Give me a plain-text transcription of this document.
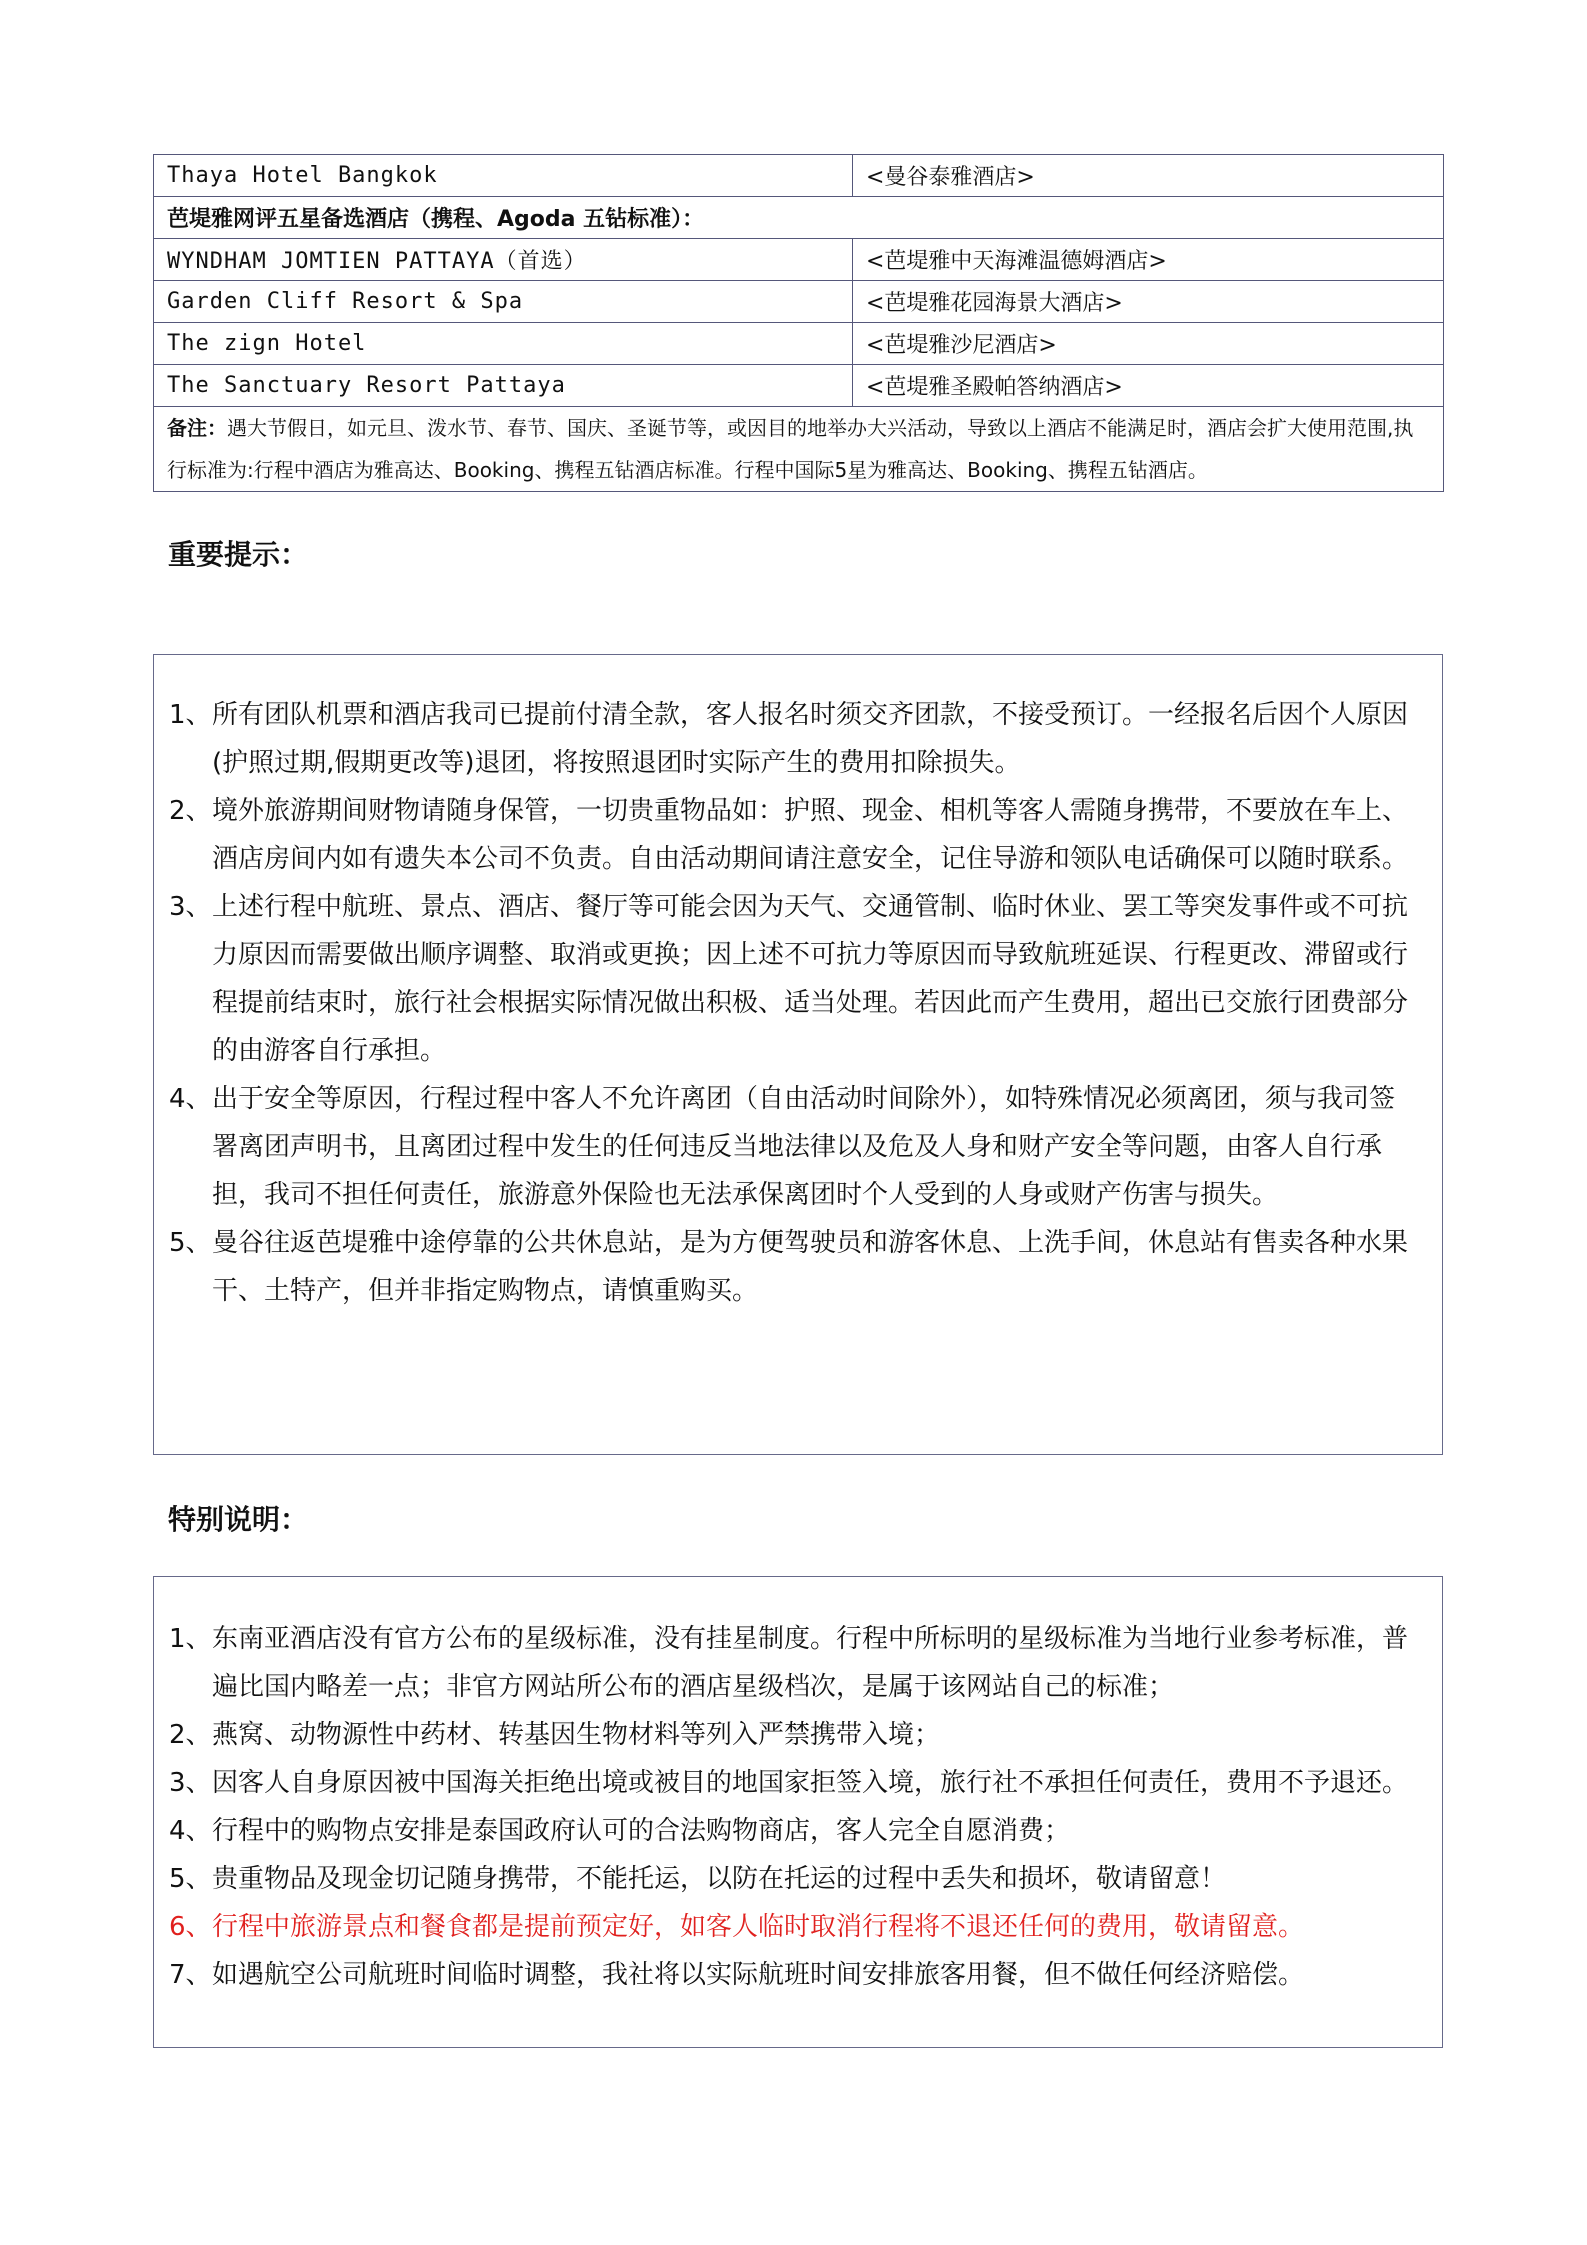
Thaya Hotel Bangkok	<曼谷泰雅酒店>
芭堤雅网评五星备选酒店（携程、Agoda 五钻标准）：	
WYNDHAM JOMTIEN PATTAYA（首选）	<芭堤雅中天海滩温德姆酒店>
Garden Cliff Resort & Spa	<芭堤雅花园海景大酒店>
The zign Hotel	<芭堤雅沙尼酒店>
The Sanctuary Resort Pattaya	<芭堤雅圣殿帕答纳酒店>
备注：遇大节假日，如元旦、泼水节、春节、国庆、圣诞节等，或因目的地举办大兴活动，导致以上酒店不能满足时，酒店会扩大使用范围,执行标准为:行程中酒店为雅高达、Booking、携程五钻酒店标准。行程中国际5星为雅高达、Booking、携程五钻酒店。	
重要提示：
1、 所有团队机票和酒店我司已提前付清全款，客人报名时须交齐团款，不接受预订。一经报名后因个人原因(护照过期,假期更改等)退团，将按照退团时实际产生的费用扣除损失。
2、 境外旅游期间财物请随身保管，一切贵重物品如：护照、现金、相机等客人需随身携带，不要放在车上、酒店房间内如有遗失本公司不负责。自由活动期间请注意安全，记住导游和领队电话确保可以随时联系。
3、 上述行程中航班、景点、酒店、餐厅等可能会因为天气、交通管制、临时休业、罢工等突发事件或不可抗力原因而需要做出顺序调整、取消或更换；因上述不可抗力等原因而导致航班延误、行程更改、滞留或行程提前结束时，旅行社会根据实际情况做出积极、适当处理。若因此而产生费用，超出已交旅行团费部分的由游客自行承担。
4、 出于安全等原因，行程过程中客人不允许离团（自由活动时间除外），如特殊情况必须离团，须与我司签署离团声明书，且离团过程中发生的任何违反当地法律以及危及人身和财产安全等问题，由客人自行承担，我司不担任何责任，旅游意外保险也无法承保离团时个人受到的人身或财产伤害与损失。
5、 曼谷往返芭堤雅中途停靠的公共休息站，是为方便驾驶员和游客休息、上洗手间，休息站有售卖各种水果干、土特产，但并非指定购物点，请慎重购买。
特别说明：
1、 东南亚酒店没有官方公布的星级标准，没有挂星制度。行程中所标明的星级标准为当地行业参考标准，普遍比国内略差一点；非官方网站所公布的酒店星级档次，是属于该网站自己的标准；
2、 燕窝、动物源性中药材、转基因生物材料等列入严禁携带入境；
3、 因客人自身原因被中国海关拒绝出境或被目的地国家拒签入境，旅行社不承担任何责任，费用不予退还。
4、 行程中的购物点安排是泰国政府认可的合法购物商店，客人完全自愿消费；
5、 贵重物品及现金切记随身携带，不能托运，以防在托运的过程中丢失和损坏，敬请留意！
6、 行程中旅游景点和餐食都是提前预定好，如客人临时取消行程将不退还任何的费用，敬请留意。
7、 如遇航空公司航班时间临时调整，我社将以实际航班时间安排旅客用餐，但不做任何经济赔偿。
